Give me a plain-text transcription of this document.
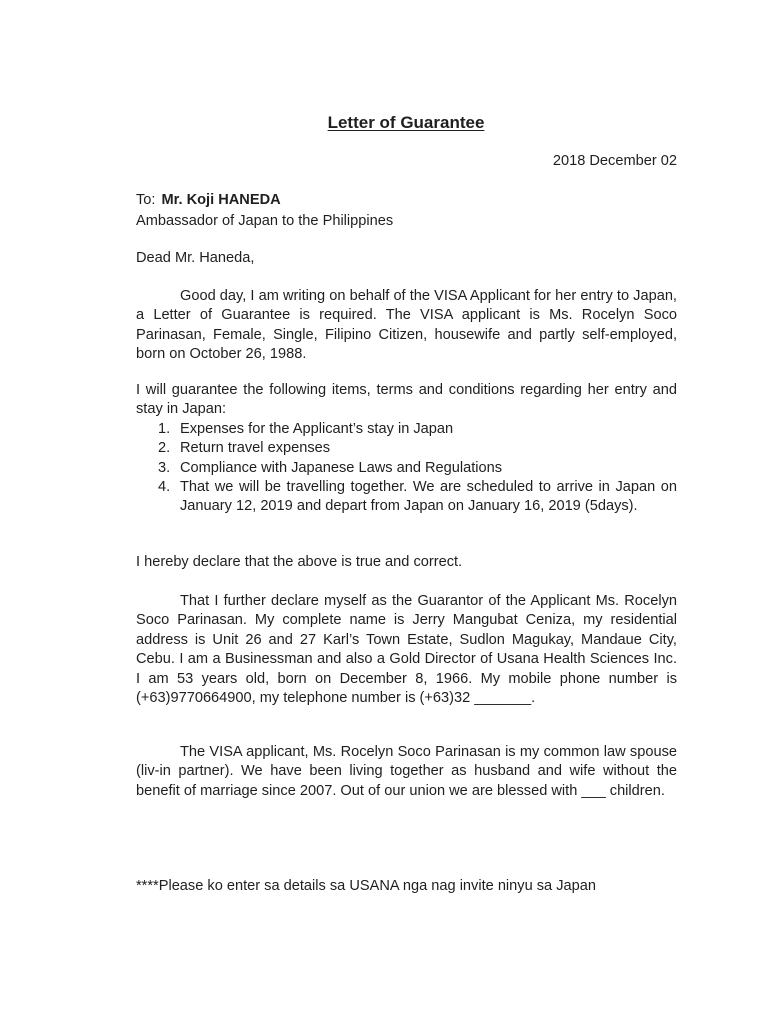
Letter of Guarantee
2018 December 02
To: Mr. Koji HANEDA
Ambassador of Japan to the Philippines
Dead Mr. Haneda,
Good day, I am writing on behalf of the VISA Applicant for her entry to Japan, a Letter of Guarantee is required. The VISA applicant is Ms. Rocelyn Soco Parinasan, Female, Single, Filipino Citizen, housewife and partly self-employed, born on October 26, 1988.
I will guarantee the following items, terms and conditions regarding her entry and stay in Japan:
1. Expenses for the Applicant’s stay in Japan
2. Return travel expenses
3. Compliance with Japanese Laws and Regulations
4. That we will be travelling together. We are scheduled to arrive in Japan on January 12, 2019 and depart from Japan on January 16, 2019 (5days).
I hereby declare that the above is true and correct.
That I further declare myself as the Guarantor of the Applicant Ms. Rocelyn Soco Parinasan. My complete name is Jerry Mangubat Ceniza, my residential address is Unit 26 and 27 Karl’s Town Estate, Sudlon Magukay, Mandaue City, Cebu. I am a Businessman and also a Gold Director of Usana Health Sciences Inc. I am 53 years old, born on December 8, 1966. My mobile phone number is (+63)9770664900, my telephone number is (+63)32 _______.
The VISA applicant, Ms. Rocelyn Soco Parinasan is my common law spouse (liv-in partner). We have been living together as husband and wife without the benefit of marriage since 2007. Out of our union we are blessed with ___ children.
****Please ko enter sa details sa USANA nga nag invite ninyu sa Japan
